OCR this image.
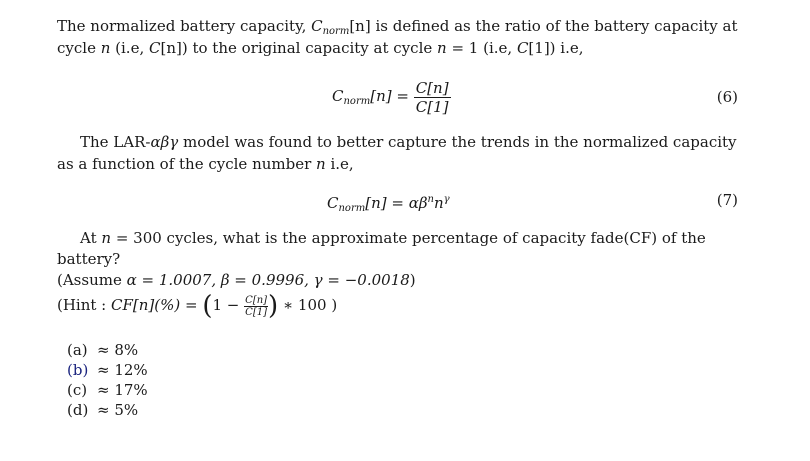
The normalized battery capacity, $C_{norm}[n]$ is defined as the ratio of the battery capacity at
cycle n (i.e, C[n]) to the original capacity at cycle n = 1 (i.e, C[1]) i.e,
$C_{norm}[n] = \frac{C[n]}{C[1]}$	(6)
The LAR-αβγ model was found to better capture the trends in the normalized capacity
as a function of the cycle number n i.e,
$C_{norm}[n] = \alpha\beta^nn^\gamma$	(7)
At n = 300 cycles, what is the approximate percentage of capacity fade(CF) of the
battery?
(Assume α = 1.0007, β = 0.9996, γ = −0.0018)
(Hint : $CF[n](\%) = (1 - \frac{C[n]}{C[1]}$ ) ∗ 100 )
(a) ≈ 8%
(b) ≈ 12%
(c) ≈ 17%
(d) ≈ 5%
